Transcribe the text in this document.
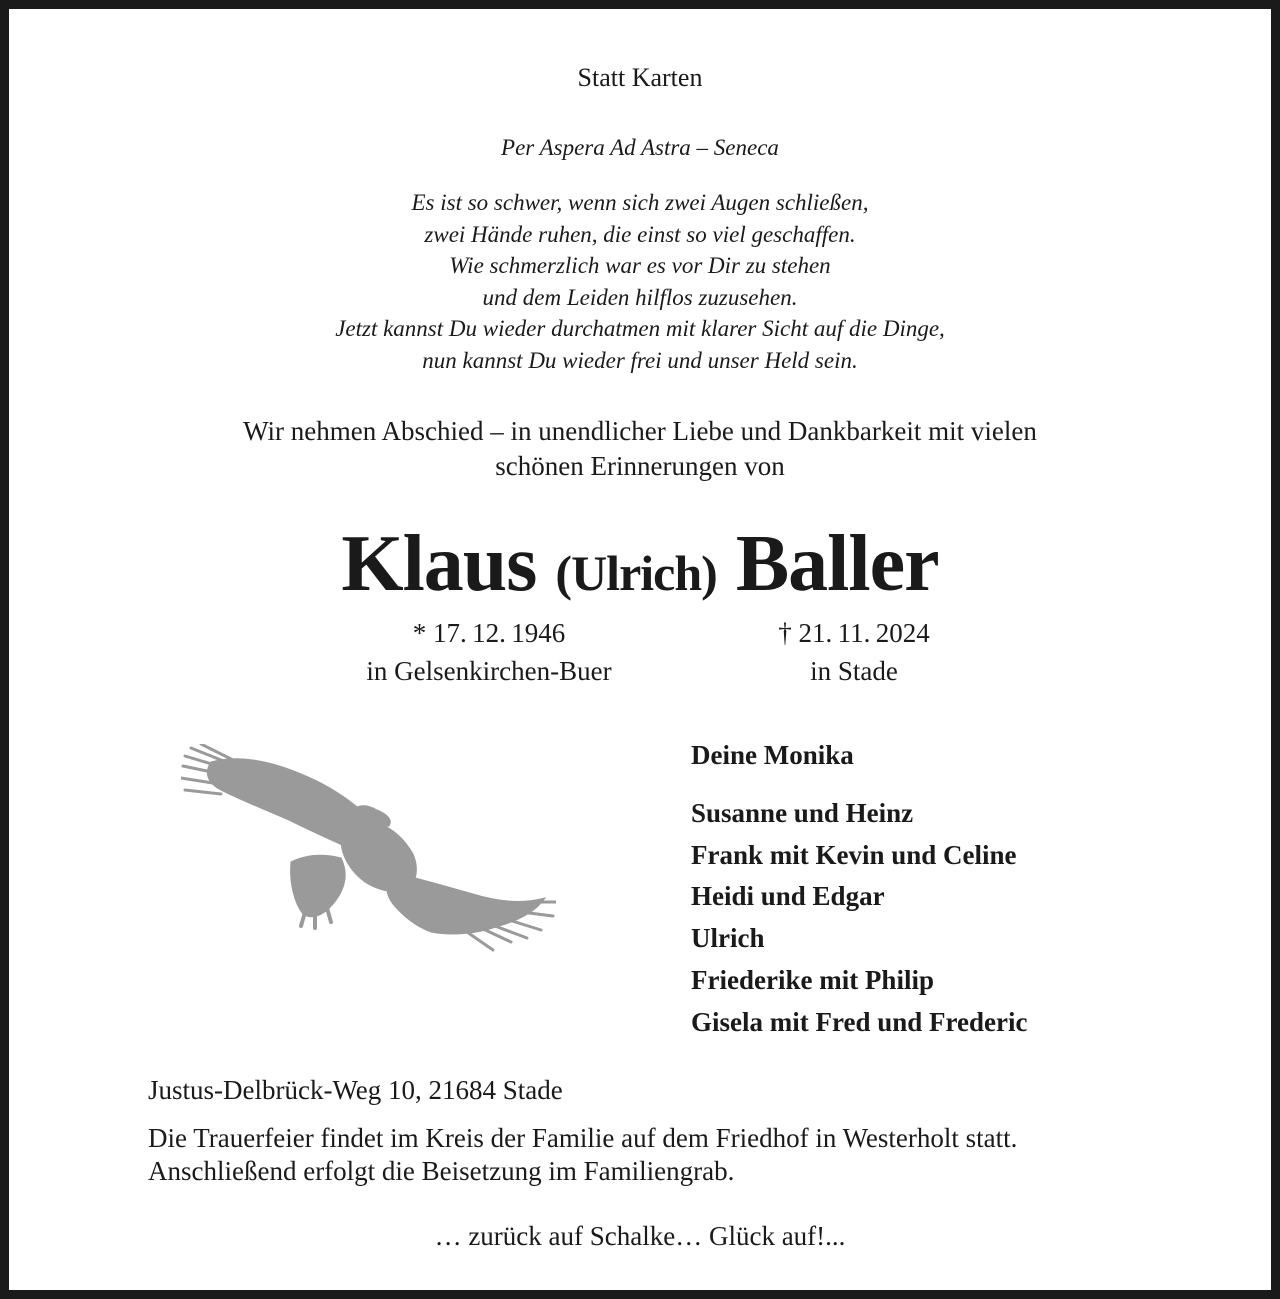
Statt Karten
Per Aspera Ad Astra – Seneca
Es ist so schwer, wenn sich zwei Augen schließen,
zwei Hände ruhen, die einst so viel geschaffen.
Wie schmerzlich war es vor Dir zu stehen
und dem Leiden hilflos zuzusehen.
Jetzt kannst Du wieder durchatmen mit klarer Sicht auf die Dinge,
nun kannst Du wieder frei und unser Held sein.
Wir nehmen Abschied – in unendlicher Liebe und Dankbarkeit mit vielen
schönen Erinnerungen von
Klaus (Ulrich) Baller
* 17. 12. 1946
in Gelsenkirchen-Buer
† 21. 11. 2024
in Stade
Deine Monika
Susanne und Heinz
Frank mit Kevin und Celine
Heidi und Edgar
Ulrich
Friederike mit Philip
Gisela mit Fred und Frederic
Justus-Delbrück-Weg 10, 21684 Stade
Die Trauerfeier findet im Kreis der Familie auf dem Friedhof in Westerholt statt.
Anschließend erfolgt die Beisetzung im Familiengrab.
… zurück auf Schalke… Glück auf!...
